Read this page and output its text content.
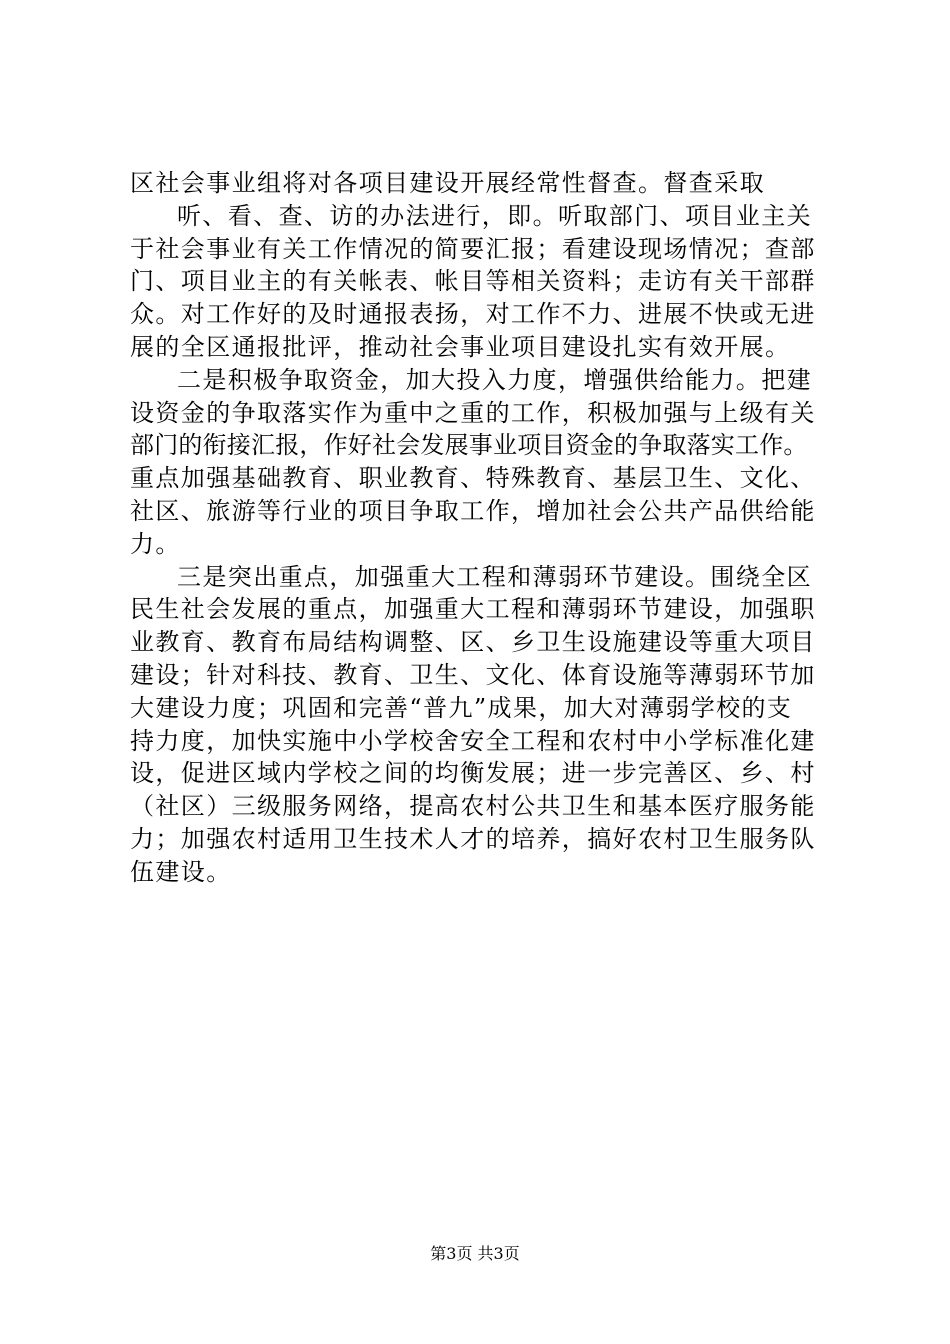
区社会事业组将对各项目建设开展经常性督查。督查采取
听、看、查、访的办法进行，即。听取部门、项目业主关
于社会事业有关工作情况的简要汇报；看建设现场情况；查部
门、项目业主的有关帐表、帐目等相关资料；走访有关干部群
众。对工作好的及时通报表扬，对工作不力、进展不快或无进
展的全区通报批评，推动社会事业项目建设扎实有效开展。
二是积极争取资金，加大投入力度，增强供给能力。把建
设资金的争取落实作为重中之重的工作，积极加强与上级有关
部门的衔接汇报，作好社会发展事业项目资金的争取落实工作。
重点加强基础教育、职业教育、特殊教育、基层卫生、文化、
社区、旅游等行业的项目争取工作，增加社会公共产品供给能
力。
三是突出重点，加强重大工程和薄弱环节建设。围绕全区
民生社会发展的重点，加强重大工程和薄弱环节建设，加强职
业教育、教育布局结构调整、区、乡卫生设施建设等重大项目
建设；针对科技、教育、卫生、文化、体育设施等薄弱环节加
大建设力度；巩固和完善“普九”成果，加大对薄弱学校的支
持力度，加快实施中小学校舍安全工程和农村中小学标准化建
设，促进区域内学校之间的均衡发展；进一步完善区、乡、村
（社区）三级服务网络，提高农村公共卫生和基本医疗服务能
力；加强农村适用卫生技术人才的培养，搞好农村卫生服务队
伍建设。
第3页 共3页
